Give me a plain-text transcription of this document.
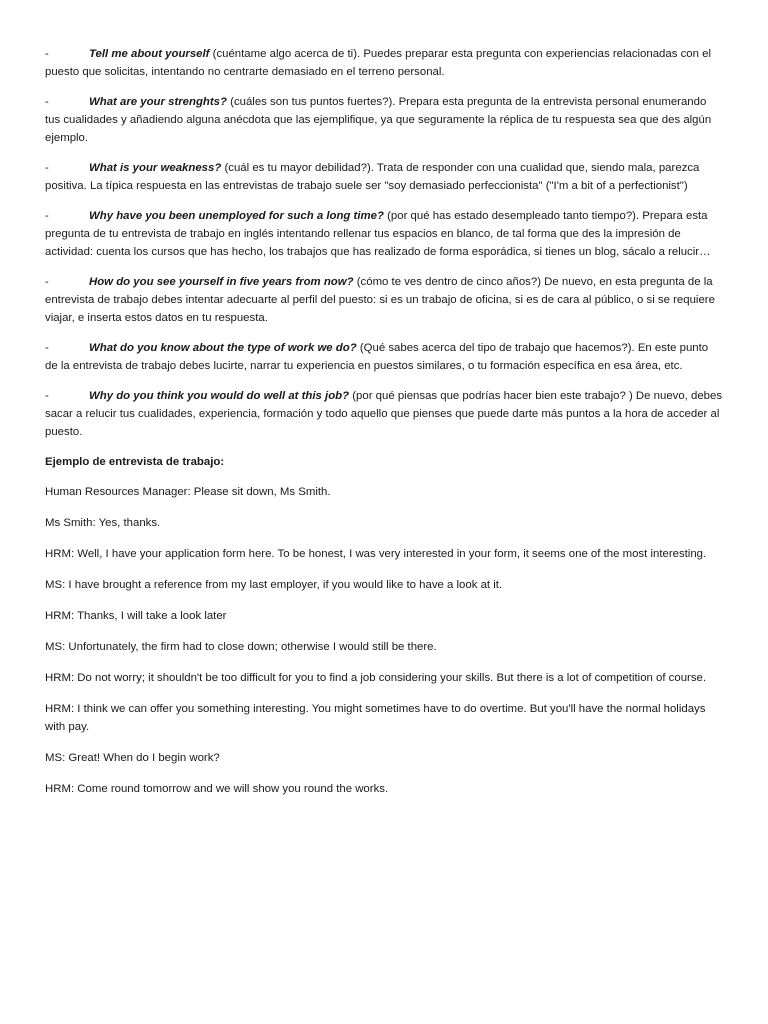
-	Tell me about yourself (cuéntame algo acerca de ti). Puedes preparar esta pregunta con experiencias relacionadas con el puesto que solicitas, intentando no centrarte demasiado en el terreno personal.

-	What are your strenghts? (cuáles son tus puntos fuertes?). Prepara esta pregunta de la entrevista personal enumerando tus cualidades y añadiendo alguna anécdota que las ejemplifique, ya que seguramente la réplica de tu respuesta sea que des algún ejemplo.

-	What is your weakness? (cuál es tu mayor debilidad?). Trata de responder con una cualidad que, siendo mala, parezca positiva. La típica respuesta en las entrevistas de trabajo suele ser "soy demasiado perfeccionista" ("I'm a bit of a perfectionist")

-	Why have you been unemployed for such a long time? (por qué has estado desempleado tanto tiempo?). Prepara esta pregunta de tu entrevista de trabajo en inglés intentando rellenar tus espacios en blanco, de tal forma que des la impresión de actividad: cuenta los cursos que has hecho, los trabajos que has realizado de forma esporádica, si tienes un blog, sácalo a relucir…

-	How do you see yourself in five years from now? (cómo te ves dentro de cinco años?) De nuevo, en esta pregunta de la entrevista de trabajo debes intentar adecuarte al perfil del puesto: si es un trabajo de oficina, si es de cara al público, o si se requiere viajar, e inserta estos datos en tu respuesta.

-	What do you know about the type of work we do? (Qué sabes acerca del tipo de trabajo que hacemos?). En este punto de la entrevista de trabajo debes lucirte, narrar tu experiencia en puestos similares, o tu formación específica en esa área, etc.

-	Why do you think you would do well at this job? (por qué piensas que podrías hacer bien este trabajo? ) De nuevo, debes sacar a relucir tus cualidades, experiencia, formación y todo aquello que pienses que puede darte más puntos a la hora de acceder al puesto.

Ejemplo de entrevista de trabajo:

Human Resources Manager: Please sit down, Ms Smith.

Ms Smith: Yes, thanks.

HRM: Well, I have your application form here. To be honest, I was very interested in your form, it seems one of the most interesting.

MS: I have brought a reference from my last employer, if you would like to have a look at it.

HRM: Thanks, I will take a look later

MS: Unfortunately, the firm had to close down; otherwise I would still be there.

HRM: Do not worry; it shouldn't be too difficult for you to find a job considering your skills. But there is a lot of competition of course.

HRM: I think we can offer you something interesting. You might sometimes have to do overtime. But you'll have the normal holidays with pay.

MS: Great! When do I begin work?

HRM: Come round tomorrow and we will show you round the works.
